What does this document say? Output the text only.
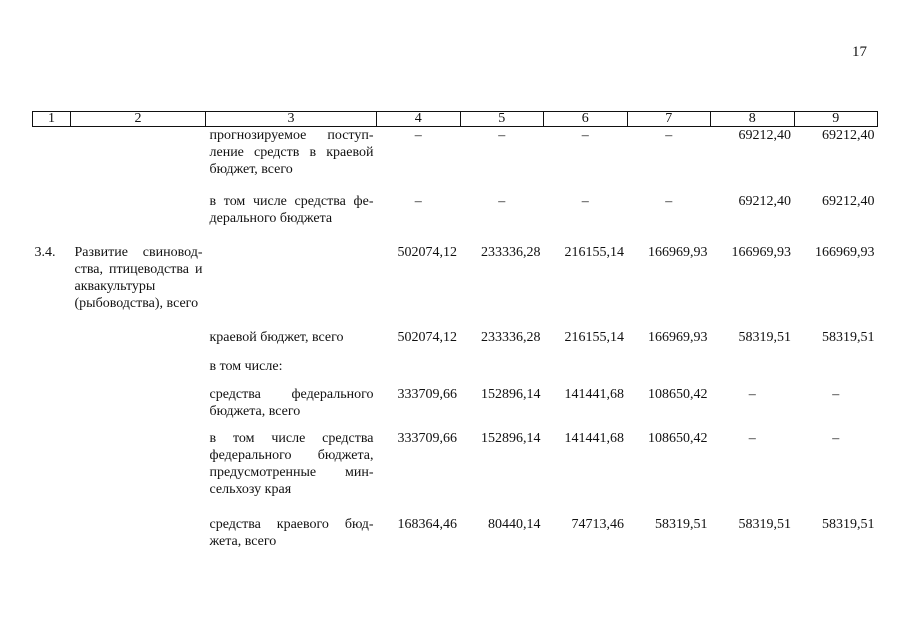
17
1	2	3	4	5	6	7	8	9
		прогнозируемое поступ-ление средств в краевой бюджет, всего	–	–	–	–	69212,40	69212,40
		в том числе средства фе-дерального бюджета	–	–	–	–	69212,40	69212,40
3.4.	Развитие свиновод-ства, птицеводства и аквакультуры (рыбоводства), всего		502074,12	233336,28	216155,14	166969,93	166969,93	166969,93
		краевой бюджет, всего	502074,12	233336,28	216155,14	166969,93	58319,51	58319,51
		в том числе:						
		средства федерального бюджета, всего	333709,66	152896,14	141441,68	108650,42	–	–
		в том числе средства федерального бюджета, предусмотренные мин-сельхозу края	333709,66	152896,14	141441,68	108650,42	–	–
		средства краевого бюд-жета, всего	168364,46	80440,14	74713,46	58319,51	58319,51	58319,51
